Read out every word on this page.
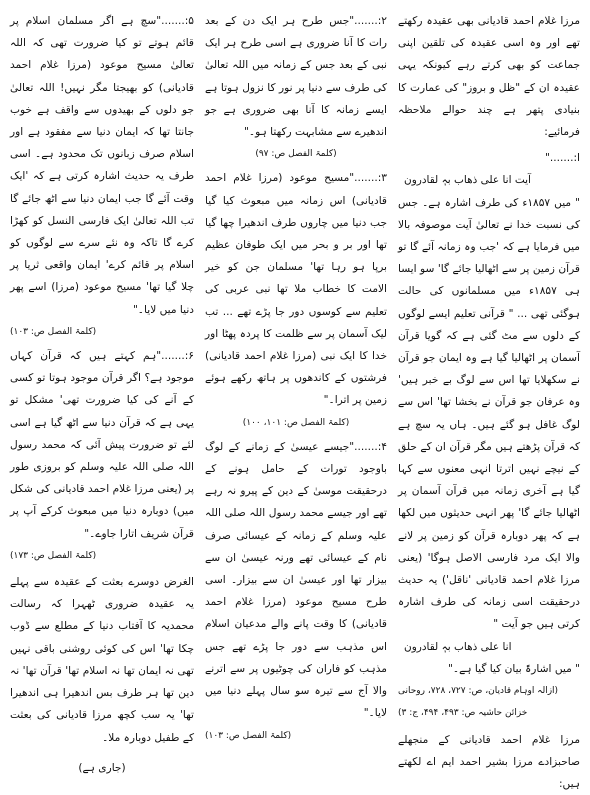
مرزا غلام احمد قادیانی بھی عقیدہ رکھتے تھے اور وہ اسی عقیدہ کی تلقین اپنی جماعت کو بھی کرتے رہے کیونکہ یہی عقیدہ ان کے "ظل و بروز" کی عمارت کا بنیادی پتھر ہے چند حوالے ملاحظہ فرمائیے:

ا:......."

آیت انا علی ذھاب بہٖ لقادرون

" میں ۱۸۵۷ء کی طرف اشارہ ہے۔ جس کی نسبت خدا نے تعالیٰ آیت موصوفہ بالا میں فرمایا ہے کہ 'جب وہ زمانہ آئے گا تو قرآن زمین پر سے اٹھالیا جائے گا' سو ایسا ہی ۱۸۵۷ء میں مسلمانوں کی حالت ہوگئی تھی ... " قرآنی تعلیم ایسے لوگوں کے دلوں سے مٹ گئی ہے کہ گویا قرآن آسمان پر اٹھالیا گیا ہے وہ ایمان جو قرآن نے سکھلایا تھا اس سے لوگ بے خبر ہیں' وہ عرفان جو قرآن نے بخشا تھا' اس سے لوگ غافل ہو گئے ہیں۔ ہاں یہ سچ ہے کہ قرآن پڑھتے ہیں مگر قرآن ان کے حلق کے نیچے نہیں اترتا انہی معنوں سے کہا گیا ہے آخری زمانہ میں قرآن آسمان پر اٹھالیا جائے گا' پھر انہی حدیثوں میں لکھا ہے کہ پھر دوبارہ قرآن کو زمین پر لانے والا ایک مرد فارسی الاصل ہوگا' (یعنی مرزا غلام احمد قادیانی 'ناقل') یہ حدیث درحقیقت اسی زمانہ کی طرف اشارہ کرتی ہیں جو آیت "

انا علی ذھاب بہٖ لقادرون

" میں اشارۃً بیان کیا گیا ہے۔"

(ازالہ اوہام قادیان، ص: ۷۲۷، ۷۲۸، روحانی خزائن حاشیہ ص: ۴۹۳، ۴۹۴، ج: ۳)

مرزا غلام احمد قادیانی کے منجھلے صاحبزادے مرزا بشیر احمد ایم اے لکھتے ہیں:

۲:......."جس طرح ہر ایک دن کے بعد رات کا آنا ضروری ہے اسی طرح ہر ایک نبی کے بعد جس کے زمانہ میں اللہ تعالیٰ کی طرف سے دنیا پر نور کا نزول ہوتا ہے ایسے زمانہ کا آنا بھی ضروری ہے جو اندھیرے سے مشابہت رکھتا ہو۔"

(کلمۃ الفصل ص: ۹۷)

۳:......."مسیح موعود (مرزا غلام احمد قادیانی) اس زمانہ میں مبعوث کیا گیا جب دنیا میں چاروں طرف اندھیرا چھا گیا تھا اور بر و بحر میں ایک طوفان عظیم برپا ہو رہا تھا' مسلمان جن کو خیر الامت کا خطاب ملا تھا نبی عربی کی تعلیم سے کوسوں دور جا پڑے تھے ... تب لیک آسمان پر سے ظلمت کا پردہ پھٹا اور خدا کا ایک نبی (مرزا غلام احمد قادیانی) فرشتوں کے کاندھوں پر ہاتھ رکھے ہوئے زمین پر اترا۔"

(کلمۃ الفصل ص: ۱۰۱، ۱۰۰)

۴:......."جیسے عیسیٰ کے زمانے کے لوگ باوجود تورات کے حامل ہونے کے درحقیقت موسیٰ کے دین کے پیرو نہ رہے تھے اور جیسے محمد رسول اللہ صلی اللہ علیہ وسلم کے زمانہ کے عیسائی صرف نام کے عیسائی تھے ورنہ عیسیٰ ان سے بیزار تھا اور عیسیٰ ان سے بیزار۔ اسی طرح مسیح موعود (مرزا غلام احمد قادیانی) کا وقت پانے والے مدعیان اسلام اس مذہب سے دور جا پڑے تھے جس مذہب کو فاران کی چوٹیوں پر سے اترنے والا آج سے تیرہ سو سال پہلے دنیا میں لایا۔"

(کلمۃ الفصل ص: ۱۰۳)

۵:......."سچ ہے اگر مسلمان اسلام پر قائم ہوتے تو کیا ضرورت تھی کہ اللہ تعالیٰ مسیح موعود (مرزا غلام احمد قادیانی) کو بھیجتا مگر نہیں! اللہ تعالیٰ جو دلوں کے بھیدوں سے واقف ہے خوب جانتا تھا کہ ایمان دنیا سے مفقود ہے اور اسلام صرف زبانوں تک محدود ہے۔ اسی طرف یہ حدیث اشارہ کرتی ہے کہ 'ایک وقت آئے گا جب ایمان دنیا سے اٹھ جائے گا تب اللہ تعالیٰ ایک فارسی النسل کو کھڑا کرے گا تاکہ وہ نئے سرے سے لوگوں کو اسلام پر قائم کرے' ایمان واقعی ثریا پر چلا گیا تھا' مسیح موعود (مرزا) اسے پھر دنیا میں لایا۔"

(کلمۃ الفصل ص: ۱۰۳)

۶:......."ہم کہتے ہیں کہ قرآن کہاں موجود ہے؟ اگر قرآن موجود ہوتا تو کسی کے آنے کی کیا ضرورت تھی' مشکل تو یہی ہے کہ قرآن دنیا سے اٹھ گیا ہے اسی لئے تو ضرورت پیش آئی کہ محمد رسول اللہ صلی اللہ علیہ وسلم کو بروزی طور پر (یعنی مرزا غلام احمد قادیانی کی شکل میں) دوبارہ دنیا میں مبعوث کرکے آپ پر قرآن شریف اتارا جاوے۔"

(کلمۃ الفصل ص: ۱۷۳)

الغرض دوسرے بعثت کے عقیدہ سے پہلے یہ عقیدہ ضروری ٹھہرا کہ رسالت محمدیہ کا آفتاب دنیا کے مطلع سے ڈوب چکا تھا' اس کی کوئی روشنی باقی نہیں تھی نہ ایمان تھا نہ اسلام تھا' قرآن تھا' نہ دین تھا ہر طرف بس اندھیرا ہی اندھیرا تھا' یہ سب کچھ مرزا قادیانی کی بعثت کے طفیل دوبارہ ملا۔

(جاری ہے)
